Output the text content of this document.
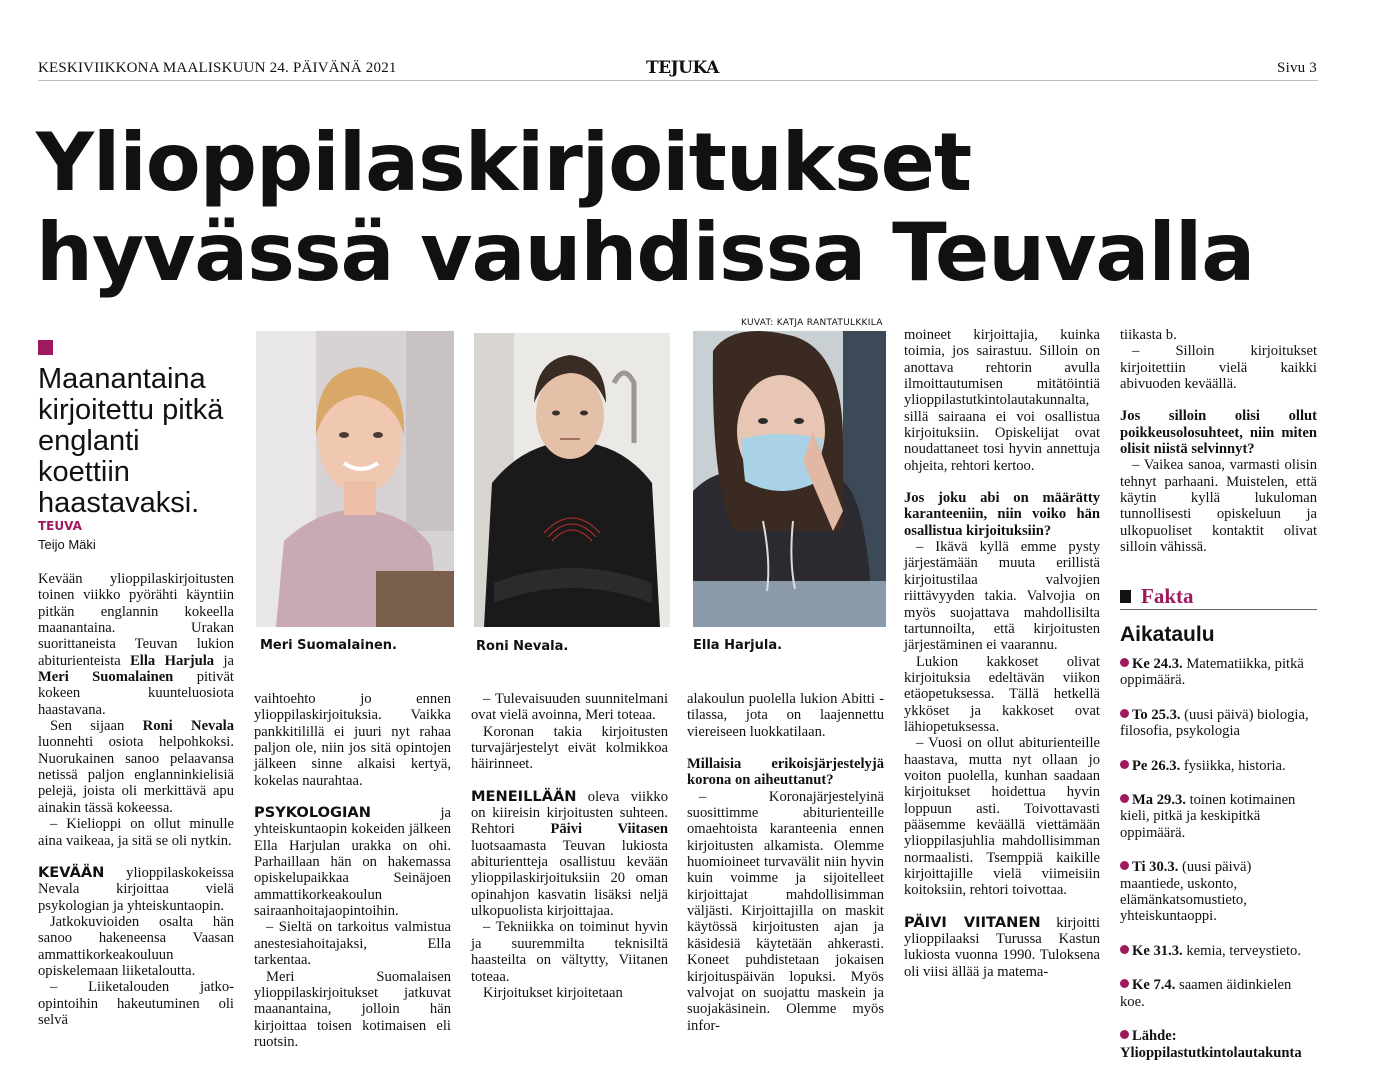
KESKIVIIKKONA MAALISKUUN 24. PÄIVÄNÄ 2021	TEJUKA	Sivu 3
Ylioppilaskirjoitukset
hyvässä vauhdissa Teuvalla
Maanantaina kirjoitettu pitkä englanti koettiin haastavaksi.
TEUVA
Teijo Mäki

Kevään ylioppilaskirjoitusten toinen viikko pyörähti käyntiin pitkän englannin kokeella maanantaina. Urakan suorittaneista Teuvan lukion abiturienteista Ella Harjula ja Meri Suomalainen pitivät kokeen kuunteluosiota haastavana.

Sen sijaan Roni Nevala luonnehti osiota helpohkoksi. Nuorukainen sanoo pelaavansa netissä paljon englanninkielisiä pelejä, joista oli merkittävä apu ainakin tässä kokeessa.

– Kielioppi on ollut minulle aina vaikeaa, ja sitä se oli nytkin.

KEVÄÄN ylioppilaskokeissa Nevala kirjoittaa vielä psykologian ja yhteiskuntaopin.

Jatkokuvioiden osalta hän sanoo hakeneensa Vaasan ammattikorkeakouluun opiskelemaan liiketaloutta.

– Liiketalouden jatko-opintoihin hakeutuminen oli selvä

Meri Suomalainen.	Roni Nevala.
KUVAT: KATJA RANTATULKKILA
Ella Harjula.

vaihtoehto jo ennen ylioppilaskirjoituksia. Vaikka pankkitilillä ei juuri nyt rahaa paljon ole, niin jos sitä opintojen jälkeen sinne alkaisi kertyä, kokelas naurahtaa.

PSYKOLOGIAN ja yhteiskuntaopin kokeiden jälkeen Ella Harjulan urakka on ohi. Parhaillaan hän on hakemassa opiskelupaikkaa Seinäjoen ammattikorkeakoulun sairaanhoitajaopintoihin.

– Sieltä on tarkoitus valmistua anestesiahoitajaksi, Ella tarkentaa.

Meri Suomalaisen ylioppilaskirjoitukset jatkuvat maanantaina, jolloin hän kirjoittaa toisen kotimaisen eli ruotsin.

– Tulevaisuuden suunnitelmani ovat vielä avoinna, Meri toteaa.

Koronan takia kirjoitusten turvajärjestelyt eivät kolmikkoa häirinneet.

MENEILLÄÄN oleva viikko on kiireisin kirjoitusten suhteen. Rehtori Päivi Viitasen luotsaamasta Teuvan lukiosta abiturientteja osallistuu kevään ylioppilaskirjoituksiin 20 oman opinahjon kasvatin lisäksi neljä ulkopuolista kirjoittajaa.

– Tekniikka on toiminut hyvin ja suuremmilta teknisiltä haasteilta on vältytty, Viitanen toteaa.

Kirjoitukset kirjoitetaan

alakoulun puolella lukion Abitti -tilassa, jota on laajennettu viereiseen luokkatilaan.

Millaisia erikoisjärjestelyjä korona on aiheuttanut?

– Koronajärjestelyinä suosittimme abiturienteille omaehtoista karanteenia ennen kirjoitusten alkamista. Olemme huomioineet turvavälit niin hyvin kuin voimme ja sijoitelleet kirjoittajat mahdollisimman väljästi. Kirjoittajilla on maskit käytössä kirjoitusten ajan ja käsidesiä käytetään ahkerasti. Koneet puhdistetaan jokaisen kirjoituspäivän lopuksi. Myös valvojat on suojattu maskein ja suojakäsinein. Olemme myös infor-

moineet kirjoittajia, kuinka toimia, jos sairastuu. Silloin on anottava rehtorin avulla ilmoittautumisen mitätöintiä ylioppilastutkintolautakunnalta, sillä sairaana ei voi osallistua kirjoituksiin. Opiskelijat ovat noudattaneet tosi hyvin annettuja ohjeita, rehtori kertoo.

Jos joku abi on määrätty karanteeniin, niin voiko hän osallistua kirjoituksiin?

– Ikävä kyllä emme pysty järjestämään muuta erillistä kirjoitustilaa valvojien riittävyyden takia. Valvojia on myös suojattava mahdollisilta tartunnoilta, että kirjoitusten järjestäminen ei vaarannu.

Lukion kakkoset olivat kirjoituksia edeltävän viikon etäopetuksessa. Tällä hetkellä ykköset ja kakkoset ovat lähiopetuksessa.

– Vuosi on ollut abiturienteille haastava, mutta nyt ollaan jo voiton puolella, kunhan saadaan kirjoitukset hoidettua hyvin loppuun asti. Toivottavasti pääsemme keväällä viettämään ylioppilasjuhlia mahdollisimman normaalisti. Tsemppiä kaikille kirjoittajille vielä viimeisiin koitoksiin, rehtori toivottaa.

PÄIVI VIITANEN kirjoitti ylioppilaaksi Turussa Kastun lukiosta vuonna 1990. Tuloksena oli viisi ällää ja matema-

tiikasta b.

– Silloin kirjoitukset kirjoitettiin vielä kaikki abivuoden keväällä.

Jos silloin olisi ollut poikkeusolosuhteet, niin miten olisit niistä selvinnyt?

– Vaikea sanoa, varmasti olisin tehnyt parhaani. Muistelen, että käytin kyllä lukuloman tunnollisesti opiskeluun ja ulkopuoliset kontaktit olivat silloin vähissä.

Fakta
Aikataulu
Ke 24.3. Matematiikka, pitkä oppimäärä.
To 25.3. (uusi päivä) biologia, filosofia, psykologia
Pe 26.3. fysiikka, historia.
Ma 29.3. toinen kotimainen kieli, pitkä ja keskipitkä oppimäärä.
Ti 30.3. (uusi päivä) maantiede, uskonto, elämänkatsomustieto, yhteiskuntaoppi.
Ke 31.3. kemia, terveystieto.
Ke 7.4. saamen äidinkielen koe.
Lähde: Ylioppilastutkintolautakunta
